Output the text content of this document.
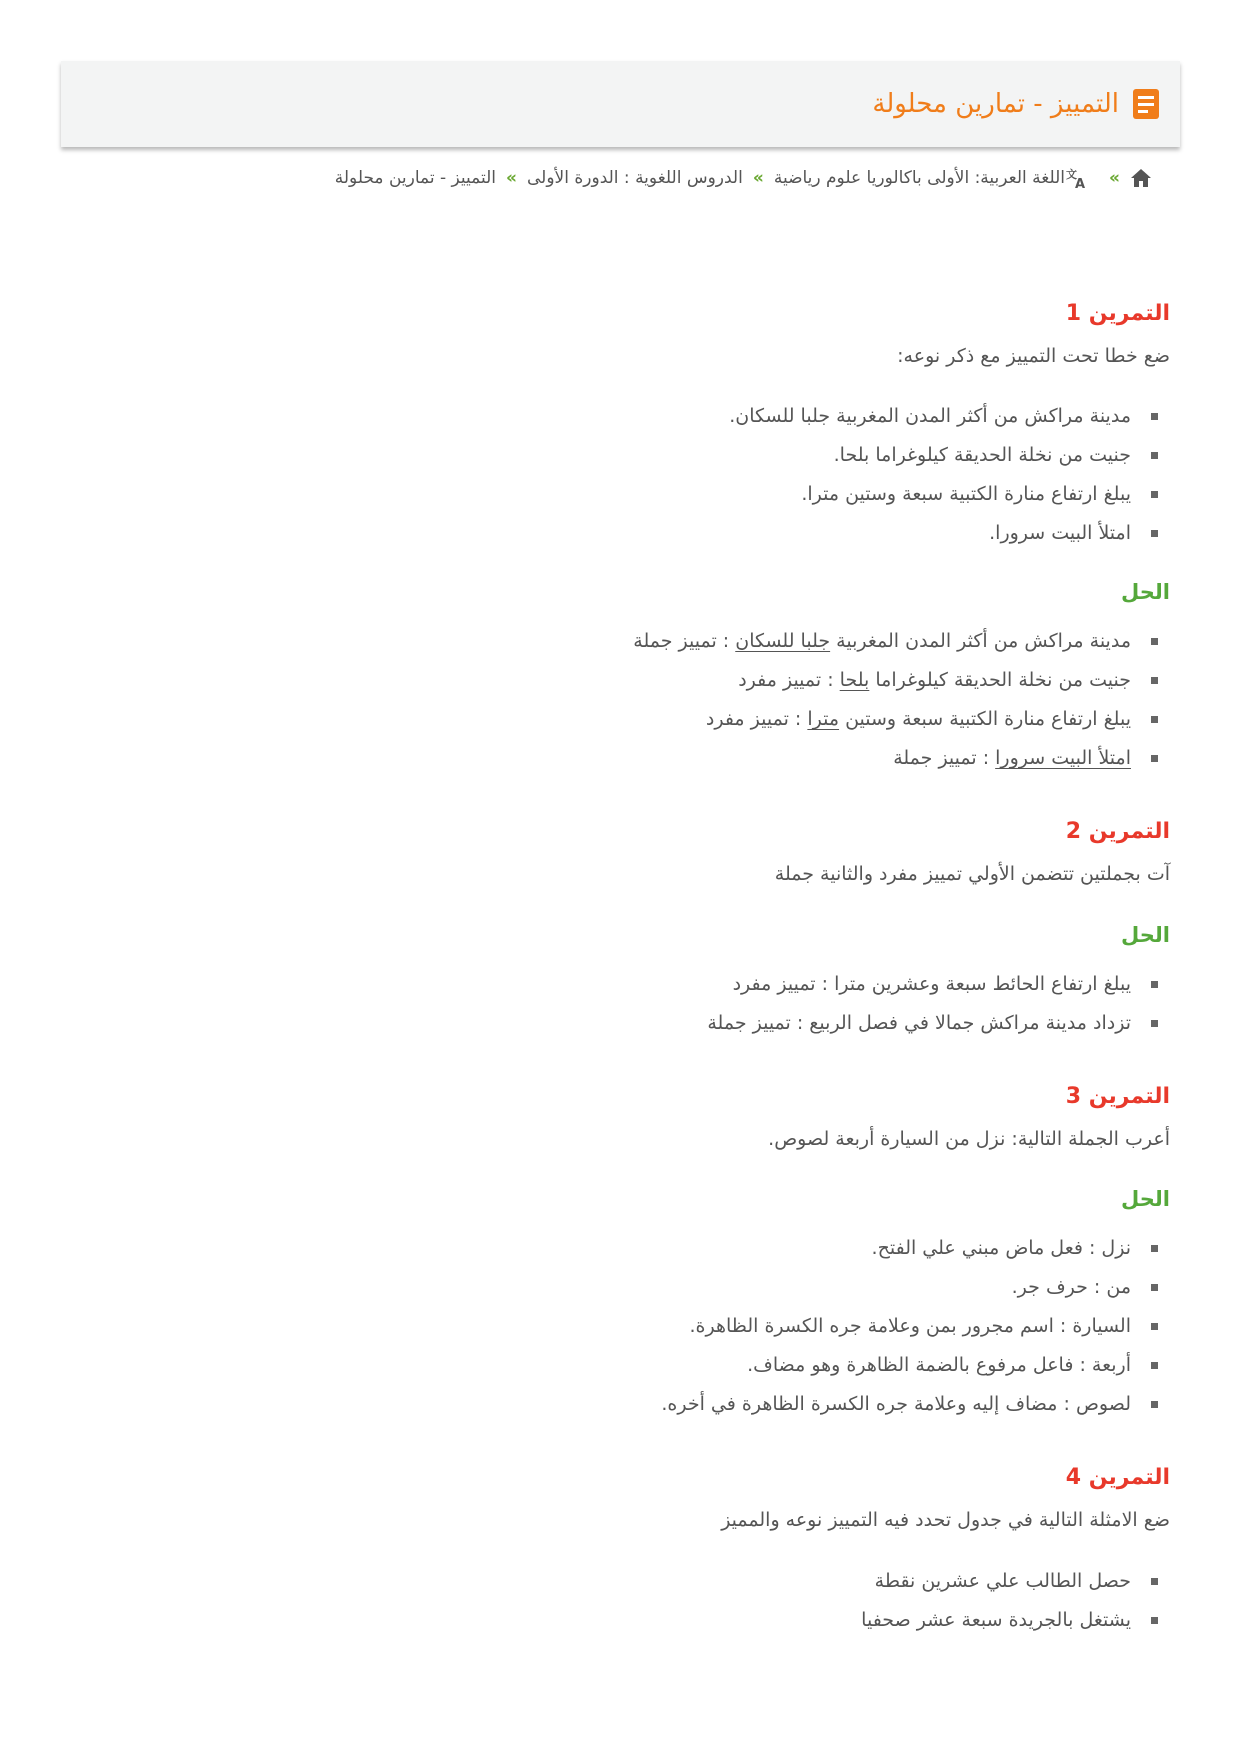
التمييز - تمارين محلولة
»
文
A
اللغة العربية: الأولى باكالوريا علوم رياضية
»
الدروس اللغوية : الدورة الأولى
»
التمييز - تمارين محلولة
التمرين 1

ضع خطا تحت التمييز مع ذكر نوعه:

مدينة مراكش من أكثر المدن المغربية جلبا للسكان.
جنيت من نخلة الحديقة كيلوغراما بلحا.
يبلغ ارتفاع منارة الكتبية سبعة وستين مترا.
امتلأ البيت سرورا.
الحل
مدينة مراكش من أكثر المدن المغربية جلبا للسكان : تمييز جملة
جنيت من نخلة الحديقة كيلوغراما بلحا : تمييز مفرد
يبلغ ارتفاع منارة الكتبية سبعة وستين مترا : تمييز مفرد
امتلأ البيت سرورا : تمييز جملة
التمرين 2

آت بجملتين تتضمن الأولي تمييز مفرد والثانية جملة

الحل
يبلغ ارتفاع الحائط سبعة وعشرين مترا : تمييز مفرد
تزداد مدينة مراكش جمالا في فصل الربيع : تمييز جملة
التمرين 3

أعرب الجملة التالية: نزل من السيارة أربعة لصوص.

الحل
نزل : فعل ماض مبني علي الفتح.
من : حرف جر.
السيارة : اسم مجرور بمن وعلامة جره الكسرة الظاهرة.
أربعة : فاعل مرفوع بالضمة الظاهرة وهو مضاف.
لصوص : مضاف إليه وعلامة جره الكسرة الظاهرة في أخره.
التمرين 4

ضع الامثلة التالية في جدول تحدد فيه التمييز نوعه والمميز

حصل الطالب علي عشرين نقطة
يشتغل بالجريدة سبعة عشر صحفيا
